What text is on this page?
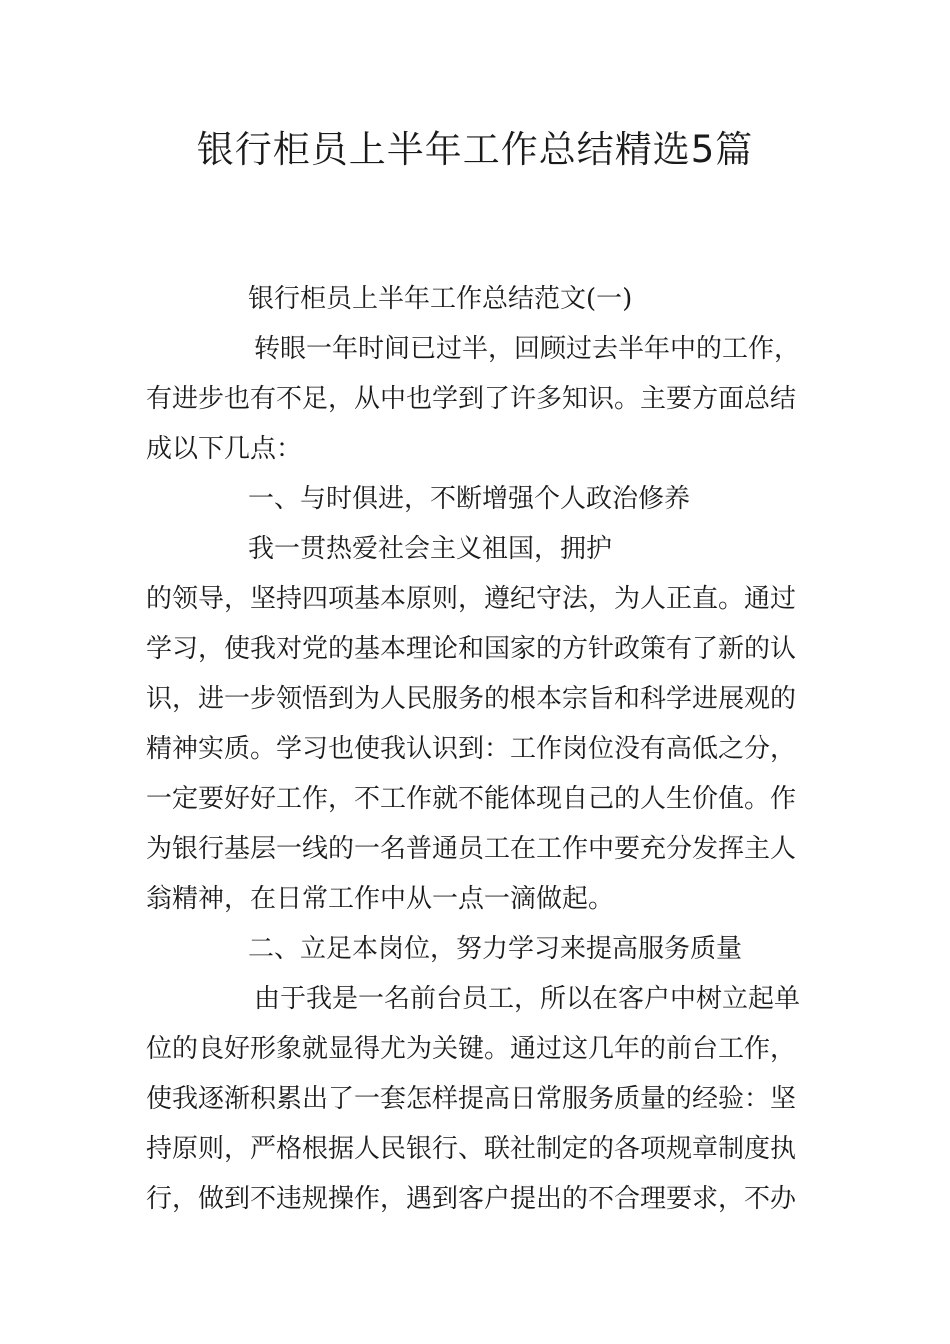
银行柜员上半年工作总结精选5篇

银行柜员上半年工作总结范文(一)

转眼一年时间已过半，回顾过去半年中的工作，

有进步也有不足，从中也学到了许多知识。主要方面总结

成以下几点：

一、与时俱进，不断增强个人政治修养

我一贯热爱社会主义祖国，拥护

的领导，坚持四项基本原则，遵纪守法，为人正直。通过

学习，使我对党的基本理论和国家的方针政策有了新的认

识，进一步领悟到为人民服务的根本宗旨和科学进展观的

精神实质。学习也使我认识到：工作岗位没有高低之分，

一定要好好工作，不工作就不能体现自己的人生价值。作

为银行基层一线的一名普通员工在工作中要充分发挥主人

翁精神，在日常工作中从一点一滴做起。

二、立足本岗位，努力学习来提高服务质量

由于我是一名前台员工，所以在客户中树立起单

位的良好形象就显得尤为关键。通过这几年的前台工作，

使我逐渐积累出了一套怎样提高日常服务质量的经验：坚

持原则，严格根据人民银行、联社制定的各项规章制度执

行，做到不违规操作，遇到客户提出的不合理要求，不办
